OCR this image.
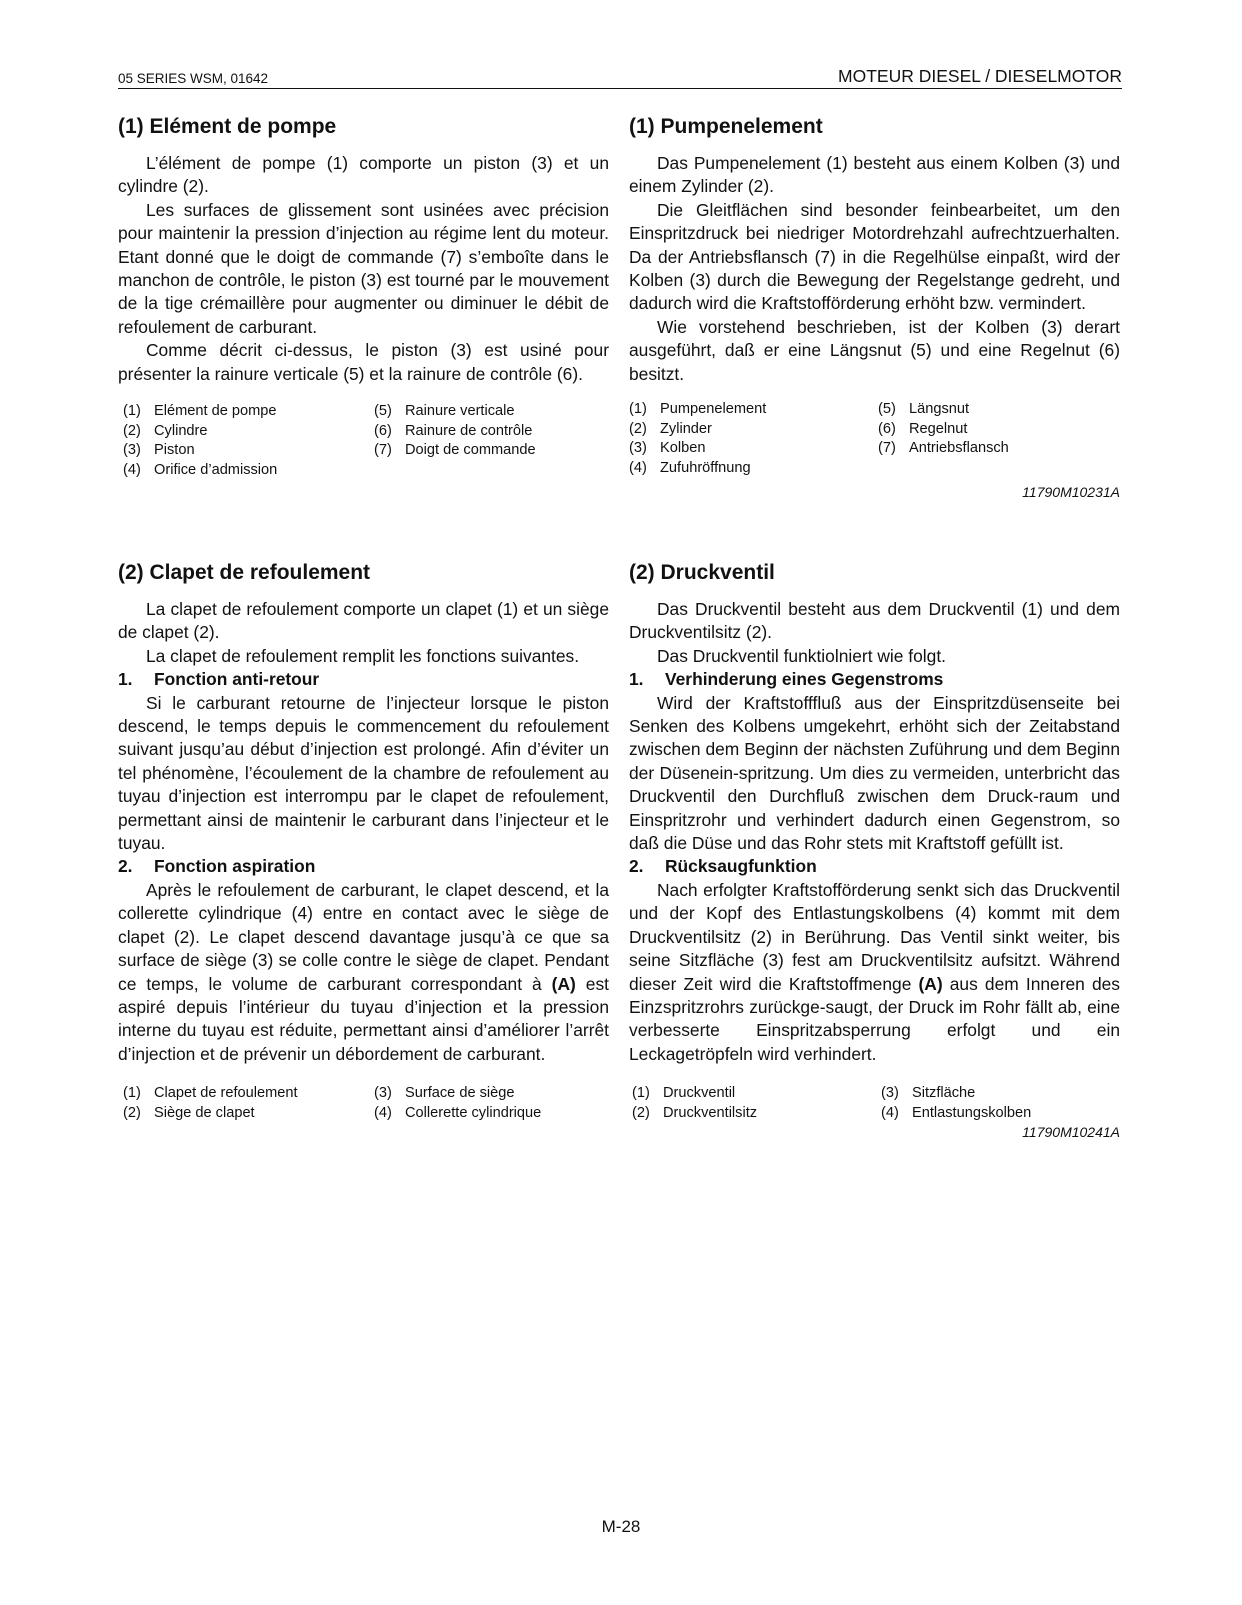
05 SERIES WSM, 01642	MOTEUR DIESEL / DIESELMOTOR
(1) Elément de pompe

L’élément de pompe (1) comporte un piston (3) et un cylindre (2).

Les surfaces de glissement sont usinées avec précision pour maintenir la pression d’injection au régime lent du moteur. Etant donné que le doigt de commande (7) s’emboîte dans le manchon de contrôle, le piston (3) est tourné par le mouvement de la tige crémaillère pour augmenter ou diminuer le débit de refoulement de carburant.

Comme décrit ci-dessus, le piston (3) est usiné pour présenter la rainure verticale (5) et la rainure de contrôle (6).

(1) Elément de pompe
(2) Cylindre
(3) Piston
(4) Orifice d’admission
(5) Rainure verticale
(6) Rainure de contrôle
(7) Doigt de commande
(2) Clapet de refoulement

La clapet de refoulement comporte un clapet (1) et un siège de clapet (2).

La clapet de refoulement remplit les fonctions suivantes.

1. Fonction anti-retour

Si le carburant retourne de l’injecteur lorsque le piston descend, le temps depuis le commencement du refoulement suivant jusqu’au début d’injection est prolongé. Afin d’éviter un tel phénomène, l’écoulement de la chambre de refoulement au tuyau d’injection est interrompu par le clapet de refoulement, permettant ainsi de maintenir le carburant dans l’injecteur et le tuyau.

2. Fonction aspiration

Après le refoulement de carburant, le clapet descend, et la collerette cylindrique (4) entre en contact avec le siège de clapet (2). Le clapet descend davantage jusqu’à ce que sa surface de siège (3) se colle contre le siège de clapet. Pendant ce temps, le volume de carburant correspondant à (A) est aspiré depuis l’intérieur du tuyau d’injection et la pression interne du tuyau est réduite, permettant ainsi d’améliorer l’arrêt d’injection et de prévenir un débordement de carburant.

(1) Clapet de refoulement
(2) Siège de clapet
(3) Surface de siège
(4) Collerette cylindrique
(1) Pumpenelement

Das Pumpenelement (1) besteht aus einem Kolben (3) und einem Zylinder (2).

Die Gleitflächen sind besonder feinbearbeitet, um den Einspritzdruck bei niedriger Motordrehzahl aufrechtzuerhalten. Da der Antriebsflansch (7) in die Regelhülse einpaßt, wird der Kolben (3) durch die Bewegung der Regelstange gedreht, und dadurch wird die Kraftstofförderung erhöht bzw. vermindert.

Wie vorstehend beschrieben, ist der Kolben (3) derart ausgeführt, daß er eine Längsnut (5) und eine Regelnut (6) besitzt.

(1) Pumpenelement
(2) Zylinder
(3) Kolben
(4) Zufuhröffnung
(5) Längsnut
(6) Regelnut
(7) Antriebsflansch
11790M10231A
(2) Druckventil

Das Druckventil besteht aus dem Druckventil (1) und dem Druckventilsitz (2).

Das Druckventil funktiolniert wie folgt.

1. Verhinderung eines Gegenstroms

Wird der Kraftstofffluß aus der Einspritzdüsenseite bei Senken des Kolbens umgekehrt, erhöht sich der Zeitabstand zwischen dem Beginn der nächsten Zuführung und dem Beginn der Düsenein-spritzung. Um dies zu vermeiden, unterbricht das Druckventil den Durchfluß zwischen dem Druck-raum und Einspritzrohr und verhindert dadurch einen Gegenstrom, so daß die Düse und das Rohr stets mit Kraftstoff gefüllt ist.

2. Rücksaugfunktion

Nach erfolgter Kraftstofförderung senkt sich das Druckventil und der Kopf des Entlastungskolbens (4) kommt mit dem Druckventilsitz (2) in Berührung. Das Ventil sinkt weiter, bis seine Sitzfläche (3) fest am Druckventilsitz aufsitzt. Während dieser Zeit wird die Kraftstoffmenge (A) aus dem Inneren des Einzspritzrohrs zurückge-saugt, der Druck im Rohr fällt ab, eine verbesserte Einspritzabsperrung erfolgt und ein Leckagetröpfeln wird verhindert.

(1) Druckventil
(2) Druckventilsitz
(3) Sitzfläche
(4) Entlastungskolben
11790M10241A
M-28
